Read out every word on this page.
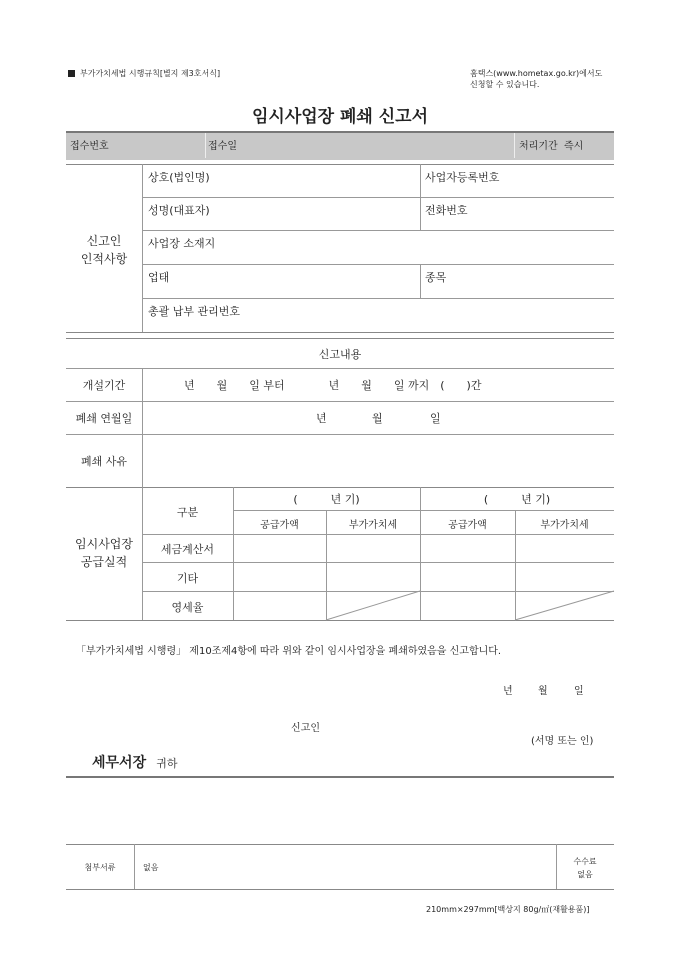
부가가치세법 시행규칙[별지 제3호서식]	홈택스(www.hometax.go.kr)에서도
신청할 수 있습니다.
임시사업장 폐쇄 신고서
접수번호	접수일	처리기간 즉시
신고인
인적사항
상호(법인명)	사업자등록번호
성명(대표자)	전화번호
사업장 소재지
업태	종목
총괄 납부 관리번호
신고내용
개설기간	년　　월　　일 부터　　　　년　　월　　일 까지　(　　)간
폐쇄 연월일	년	월	일
폐쇄 사유
임시사업장
공급실적
구분
(　　　년 기)	(　　　년 기)
공급가액	부가가치세	공급가액	부가가치세
세금계산서
기타
영세율
「부가가치세법 시행령」 제10조제4항에 따라 위와 같이 임시사업장을 폐쇄하였음을 신고합니다.
년	월	일
신고인
(서명 또는 인)
세무서장 귀하
첨부서류	없음
수수료
없음
210mm×297mm[백상지 80g/㎡(재활용품)]
